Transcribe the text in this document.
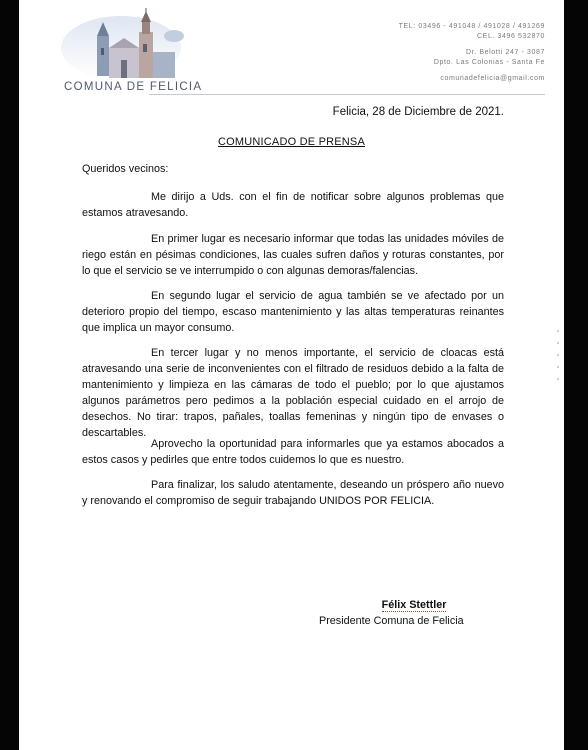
COMUNA DE FELICIA
TEL: 03496 - 491048 / 491028 / 491269
CEL. 3496 532870
Dr. Belotti 247 - 3087
Dpto. Las Colonias - Santa Fe
comunadefelicia@gmail.com
Felicia, 28 de Diciembre de 2021.
COMUNICADO DE PRENSA
Queridos vecinos:

Me dirijo a Uds. con el fin de notificar sobre algunos problemas que estamos atravesando.

En primer lugar es necesario informar que todas las unidades móviles de riego están en pésimas condiciones, las cuales sufren daños y roturas constantes, por lo que el servicio se ve interrumpido o con algunas demoras/falencias.

En segundo lugar el servicio de agua también se ve afectado por un deterioro propio del tiempo, escaso mantenimiento y las altas temperaturas reinantes que implica un mayor consumo.

En tercer lugar y no menos importante, el servicio de cloacas está atravesando una serie de inconvenientes con el filtrado de residuos debido a la falta de mantenimiento y limpieza en las cámaras de todo el pueblo; por lo que ajustamos algunos parámetros pero pedimos a la población especial cuidado en el arrojo de desechos. No tirar: trapos, pañales, toallas femeninas y ningún tipo de envases o descartables.

Aprovecho la oportunidad para informarles que ya estamos abocados a estos casos y pedirles que entre todos cuidemos lo que es nuestro.

Para finalizar, los saludo atentamente, deseando un próspero año nuevo y renovando el compromiso de seguir trabajando UNIDOS POR FELICIA.

Félix Stettler
Presidente Comuna de Felicia
